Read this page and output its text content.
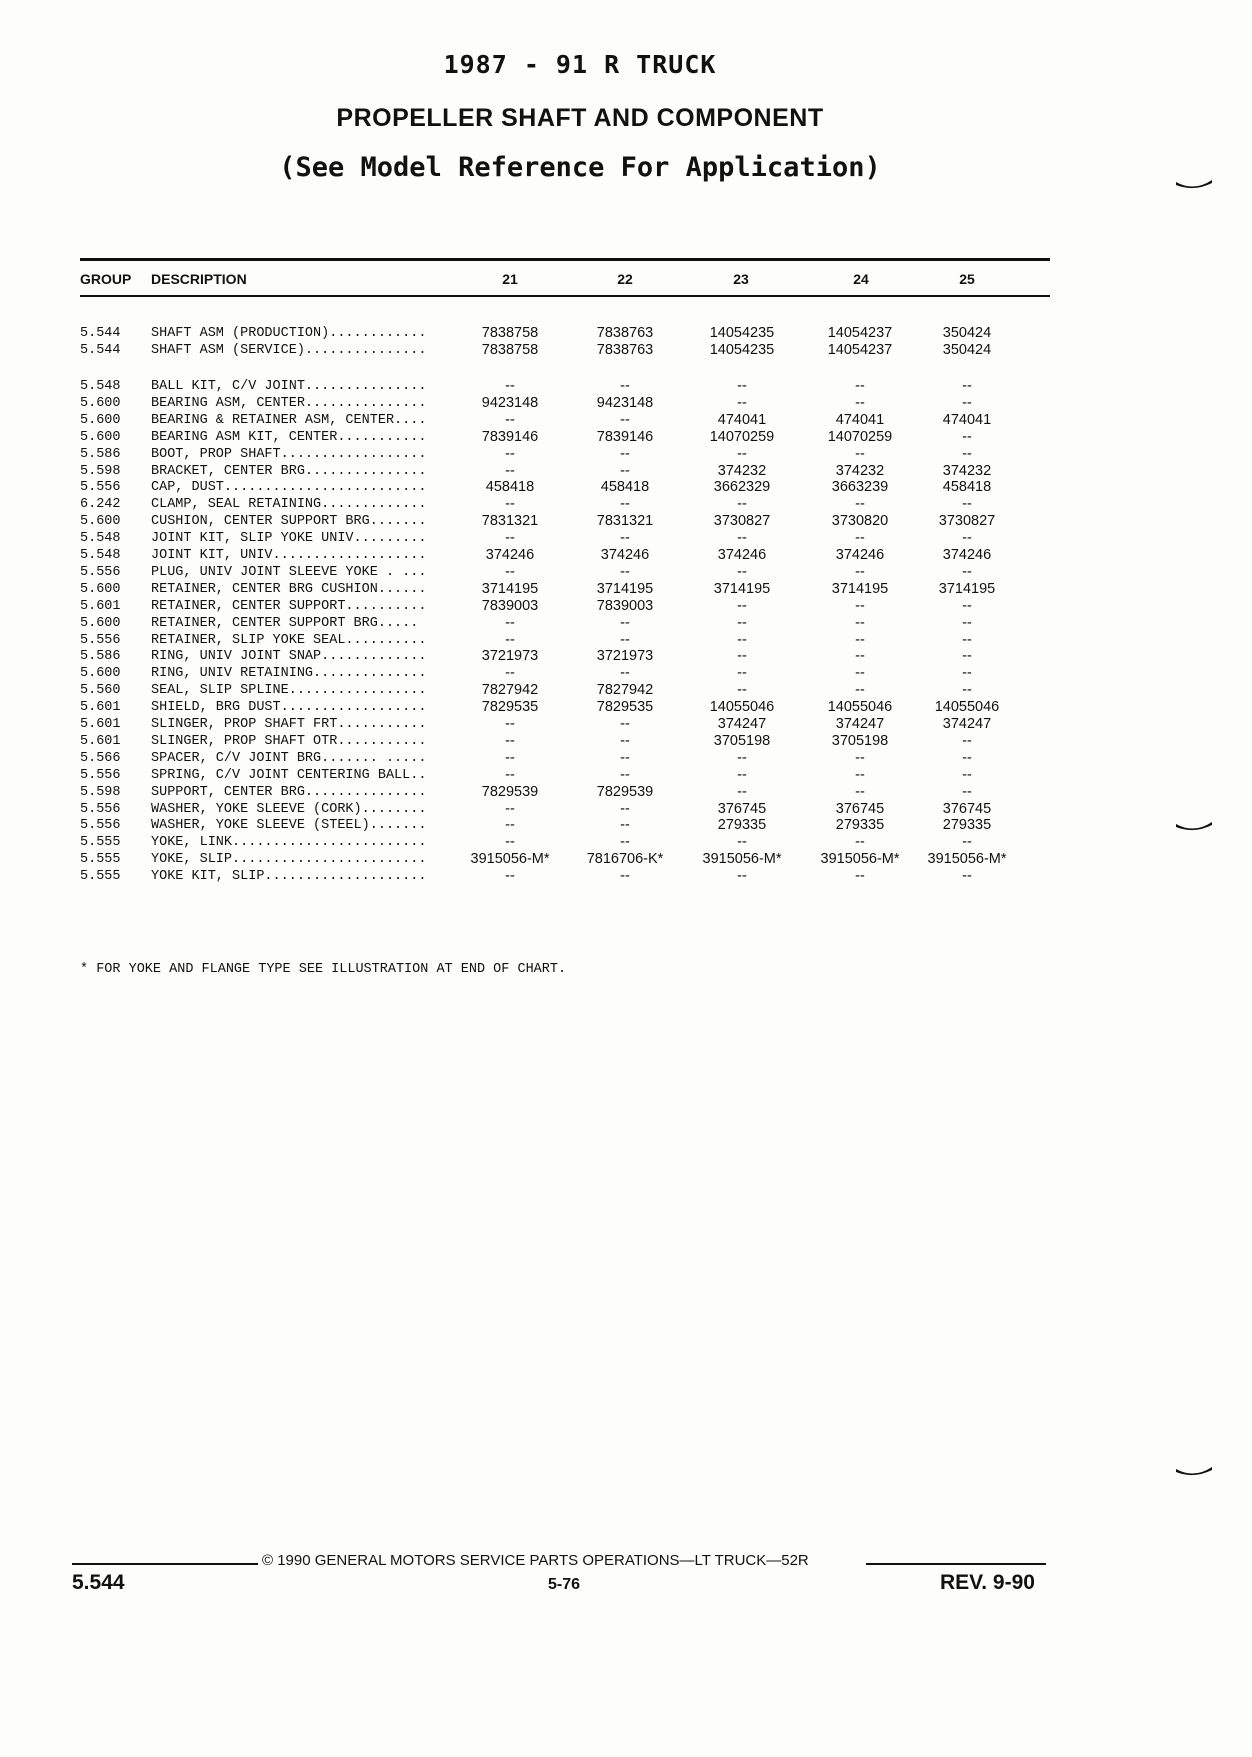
1987 - 91 R TRUCK
PROPELLER SHAFT AND COMPONENT
(See Model Reference For Application)
GROUP DESCRIPTION	21	22	23	24	25
5.544 SHAFT ASM (PRODUCTION)............	7838758	7838763	14054235	14054237	350424
5.544 SHAFT ASM (SERVICE)...............	7838758	7838763	14054235	14054237	350424
5.548 BALL KIT, C/V JOINT...............	--	--	--	--	--
5.600 BEARING ASM, CENTER...............	9423148	9423148	--	--	--
5.600 BEARING & RETAINER ASM, CENTER....	--	--	474041	474041	474041
5.600 BEARING ASM KIT, CENTER...........	7839146	7839146	14070259	14070259	--
5.586 BOOT, PROP SHAFT..................	--	--	--	--	--
5.598 BRACKET, CENTER BRG...............	--	--	374232	374232	374232
5.556 CAP, DUST.........................	458418	458418	3662329	3663239	458418
6.242 CLAMP, SEAL RETAINING.............	--	--	--	--	--
5.600 CUSHION, CENTER SUPPORT BRG.......	7831321	7831321	3730827	3730820	3730827
5.548 JOINT KIT, SLIP YOKE UNIV.........	--	--	--	--	--
5.548 JOINT KIT, UNIV...................	374246	374246	374246	374246	374246
5.556 PLUG, UNIV JOINT SLEEVE YOKE . ...	--	--	--	--	--
5.600 RETAINER, CENTER BRG CUSHION......	3714195	3714195	3714195	3714195	3714195
5.601 RETAINER, CENTER SUPPORT..........	7839003	7839003	--	--	--
5.600 RETAINER, CENTER SUPPORT BRG.....	--	--	--	--	--
5.556 RETAINER, SLIP YOKE SEAL..........	--	--	--	--	--
5.586 RING, UNIV JOINT SNAP.............	3721973	3721973	--	--	--
5.600 RING, UNIV RETAINING..............	--	--	--	--	--
5.560 SEAL, SLIP SPLINE.................	7827942	7827942	--	--	--
5.601 SHIELD, BRG DUST..................	7829535	7829535	14055046	14055046	14055046
5.601 SLINGER, PROP SHAFT FRT...........	--	--	374247	374247	374247
5.601 SLINGER, PROP SHAFT OTR...........	--	--	3705198	3705198	--
5.566 SPACER, C/V JOINT BRG....... .....	--	--	--	--	--
5.556 SPRING, C/V JOINT CENTERING BALL..	--	--	--	--	--
5.598 SUPPORT, CENTER BRG...............	7829539	7829539	--	--	--
5.556 WASHER, YOKE SLEEVE (CORK)........	--	--	376745	376745	376745
5.556 WASHER, YOKE SLEEVE (STEEL).......	--	--	279335	279335	279335
5.555 YOKE, LINK........................	--	--	--	--	--
5.555 YOKE, SLIP........................	3915056-M*	7816706-K*	3915056-M*	3915056-M*	3915056-M*
5.555 YOKE KIT, SLIP....................	--	--	--	--	--
* FOR YOKE AND FLANGE TYPE SEE ILLUSTRATION AT END OF CHART.
© 1990 GENERAL MOTORS SERVICE PARTS OPERATIONS—LT TRUCK—52R
5.544	5-76	REV. 9-90
